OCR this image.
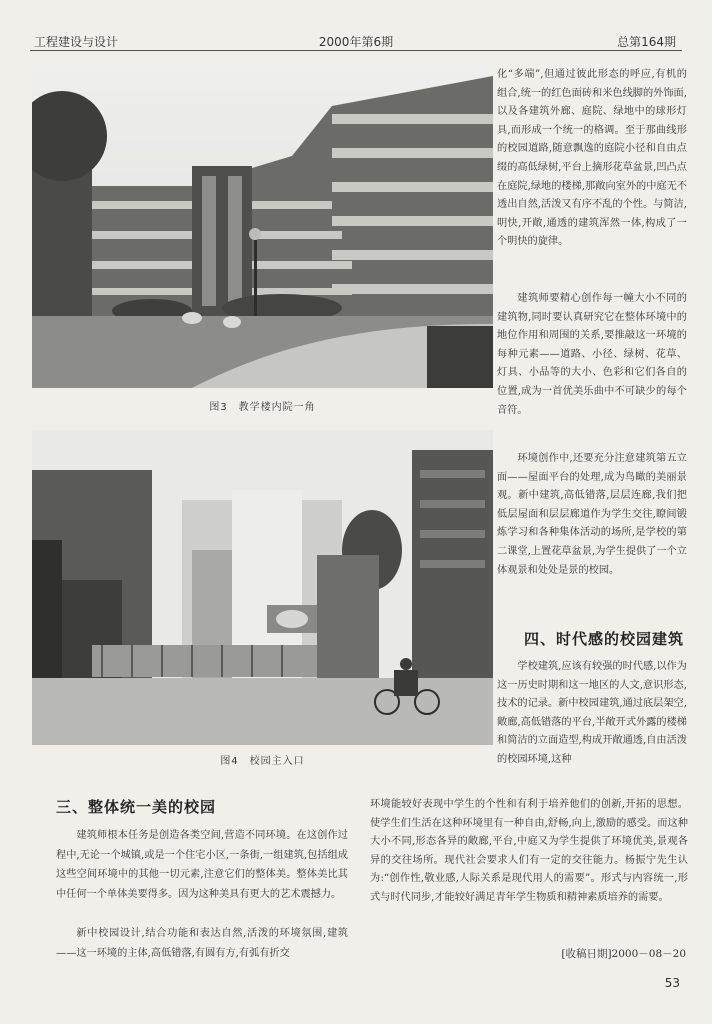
工程建设与设计	2000年第6期	总第164期
图3　教学楼内院一角
图4　校园主入口

化“多端”,但通过彼此形态的呼应,有机的组合,统一的红色面砖和米色线脚的外饰面,以及各建筑外廊、庭院、绿地中的球形灯具,而形成一个统一的格调。至于那曲线形的校园道路,随意飘逸的庭院小径和自由点缀的高低绿树,平台上摘形花草盆景,凹凸点在庭院,绿地的楼梯,那敞向室外的中庭无不透出自然,活泼又有序不乱的个性。与简洁,明快,开敞,通透的建筑浑然一体,构成了一个明快的旋律。

建筑师要精心创作每一幢大小不同的建筑物,同时要认真研究它在整体环境中的地位作用和周围的关系,要推敲这一环境的每种元素——道路、小径、绿树、花草、灯具、小品等的大小、色彩和它们各自的位置,成为一首优美乐曲中不可缺少的每个音符。

环境创作中,还要充分注意建筑第五立面——屋面平台的处理,成为鸟瞰的美丽景观。新中建筑,高低错落,层层连廊,我们把低层屋面和层层廊道作为学生交往,瞭间锻炼学习和各种集体活动的场所,是学校的第二课堂,上置花草盆景,为学生提供了一个立体观景和处处是景的校园。

四、时代感的校园建筑

学校建筑,应该有较强的时代感,以作为这一历史时期和这一地区的人文,意识形态,技术的记录。新中校园建筑,通过底层架空,敞廊,高低错落的平台,半敞开式外露的楼梯和简洁的立面造型,构成开敞通透,自由活泼的校园环境,这种

环境能较好表现中学生的个性和有利于培养他们的创新,开拓的思想。使学生们生活在这种环境里有一种自由,舒畅,向上,激励的感受。而这种大小不同,形态各异的敞廊,平台,中庭又为学生提供了环境优美,景观各异的交往场所。现代社会要求人们有一定的交往能力。杨振宁先生认为:“创作性,敬业感,人际关系是现代用人的需要”。形式与内容统一,形式与时代同步,才能较好满足青年学生物质和精神素质培养的需要。

三、整体统一美的校园

建筑师根本任务是创造各类空间,营造不同环境。在这创作过程中,无论一个城镇,或是一个住宅小区,一条街,一组建筑,包括组成这些空间环境中的其他一切元素,注意它们的整体美。整体美比其中任何一个单体美要得多。因为这种美具有更大的艺术震撼力。

新中校园设计,结合功能和表达自然,活泼的环境氛围,建筑——这一环境的主体,高低错落,有圆有方,有弧有折交	[收稿日期]2000－08－20
53
